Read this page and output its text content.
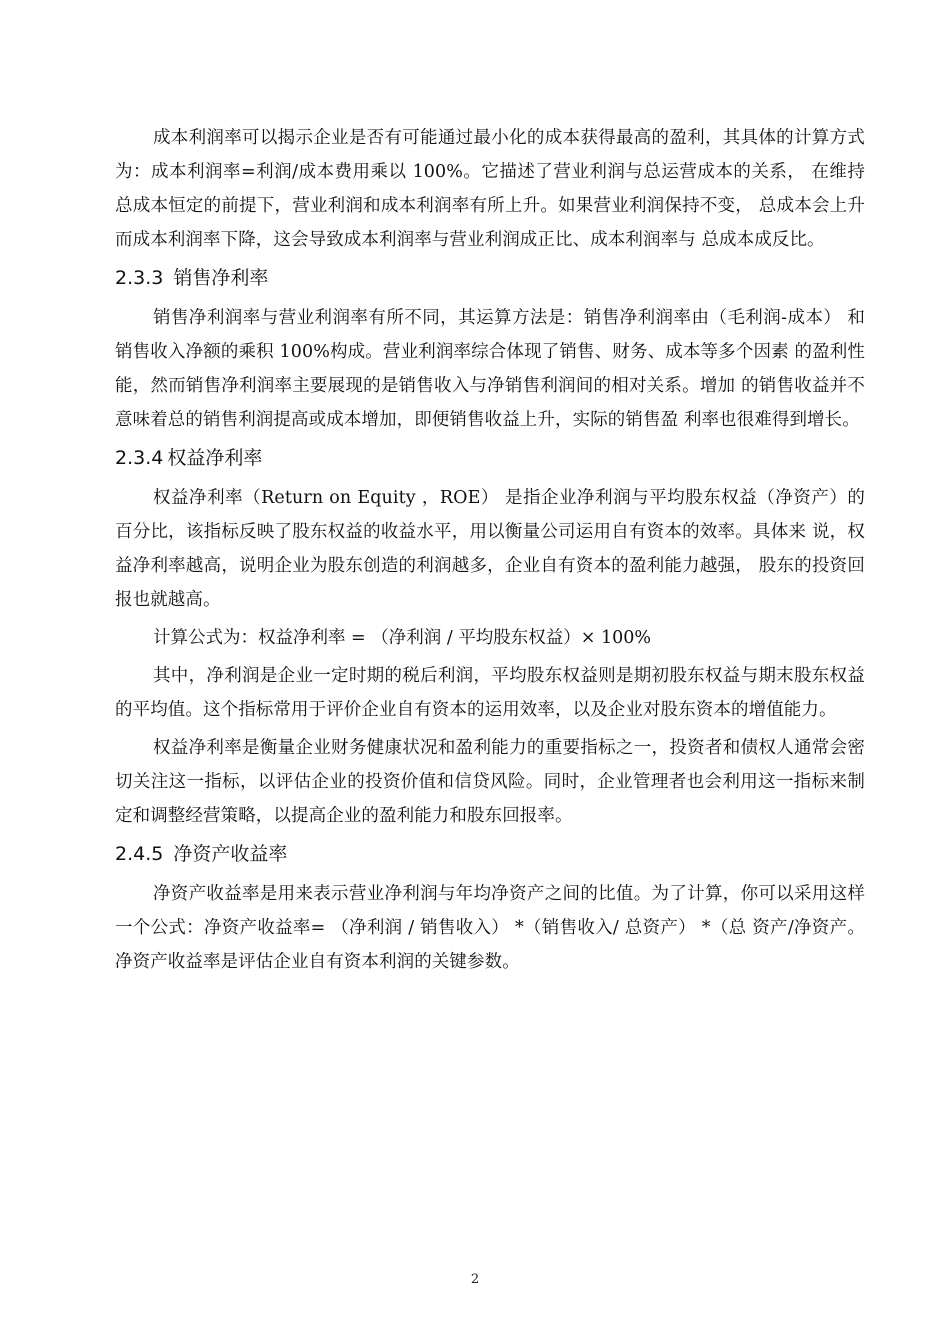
成本利润率可以揭示企业是否有可能通过最小化的成本获得最高的盈利，其具体的计算方式为：成本利润率=利润/成本费用乘以 100%。它描述了营业利润与总运营成本的关系， 在维持总成本恒定的前提下，营业利润和成本利润率有所上升。如果营业利润保持不变， 总成本会上升而成本利润率下降，这会导致成本利润率与营业利润成正比、成本利润率与 总成本成反比。

2.3.3 销售净利率

销售净利润率与营业利润率有所不同，其运算方法是：销售净利润率由（毛利润-成本） 和销售收入净额的乘积 100%构成。营业利润率综合体现了销售、财务、成本等多个因素 的盈利性能，然而销售净利润率主要展现的是销售收入与净销售利润间的相对关系。增加 的销售收益并不意味着总的销售利润提高或成本增加，即便销售收益上升，实际的销售盈 利率也很难得到增长。

2.3.4 权益净利率

权益净利率（Return on Equity ，ROE） 是指企业净利润与平均股东权益（净资产）的 百分比，该指标反映了股东权益的收益水平，用以衡量公司运用自有资本的效率。具体来 说，权益净利率越高，说明企业为股东创造的利润越多，企业自有资本的盈利能力越强， 股东的投资回报也就越高。

计算公式为：权益净利率 = （净利润 / 平均股东权益）× 100%

其中，净利润是企业一定时期的税后利润，平均股东权益则是期初股东权益与期末股东权益的平均值。这个指标常用于评价企业自有资本的运用效率，以及企业对股东资本的增值能力。

权益净利率是衡量企业财务健康状况和盈利能力的重要指标之一，投资者和债权人通常会密切关注这一指标，以评估企业的投资价值和信贷风险。同时，企业管理者也会利用这一指标来制定和调整经营策略，以提高企业的盈利能力和股东回报率。

2.4.5 净资产收益率

净资产收益率是用来表示营业净利润与年均净资产之间的比值。为了计算，你可以采用这样一个公式：净资产收益率= （净利润 / 销售收入） *（销售收入/ 总资产） *（总 资产/净资产。净资产收益率是评估企业自有资本利润的关键参数。

2
